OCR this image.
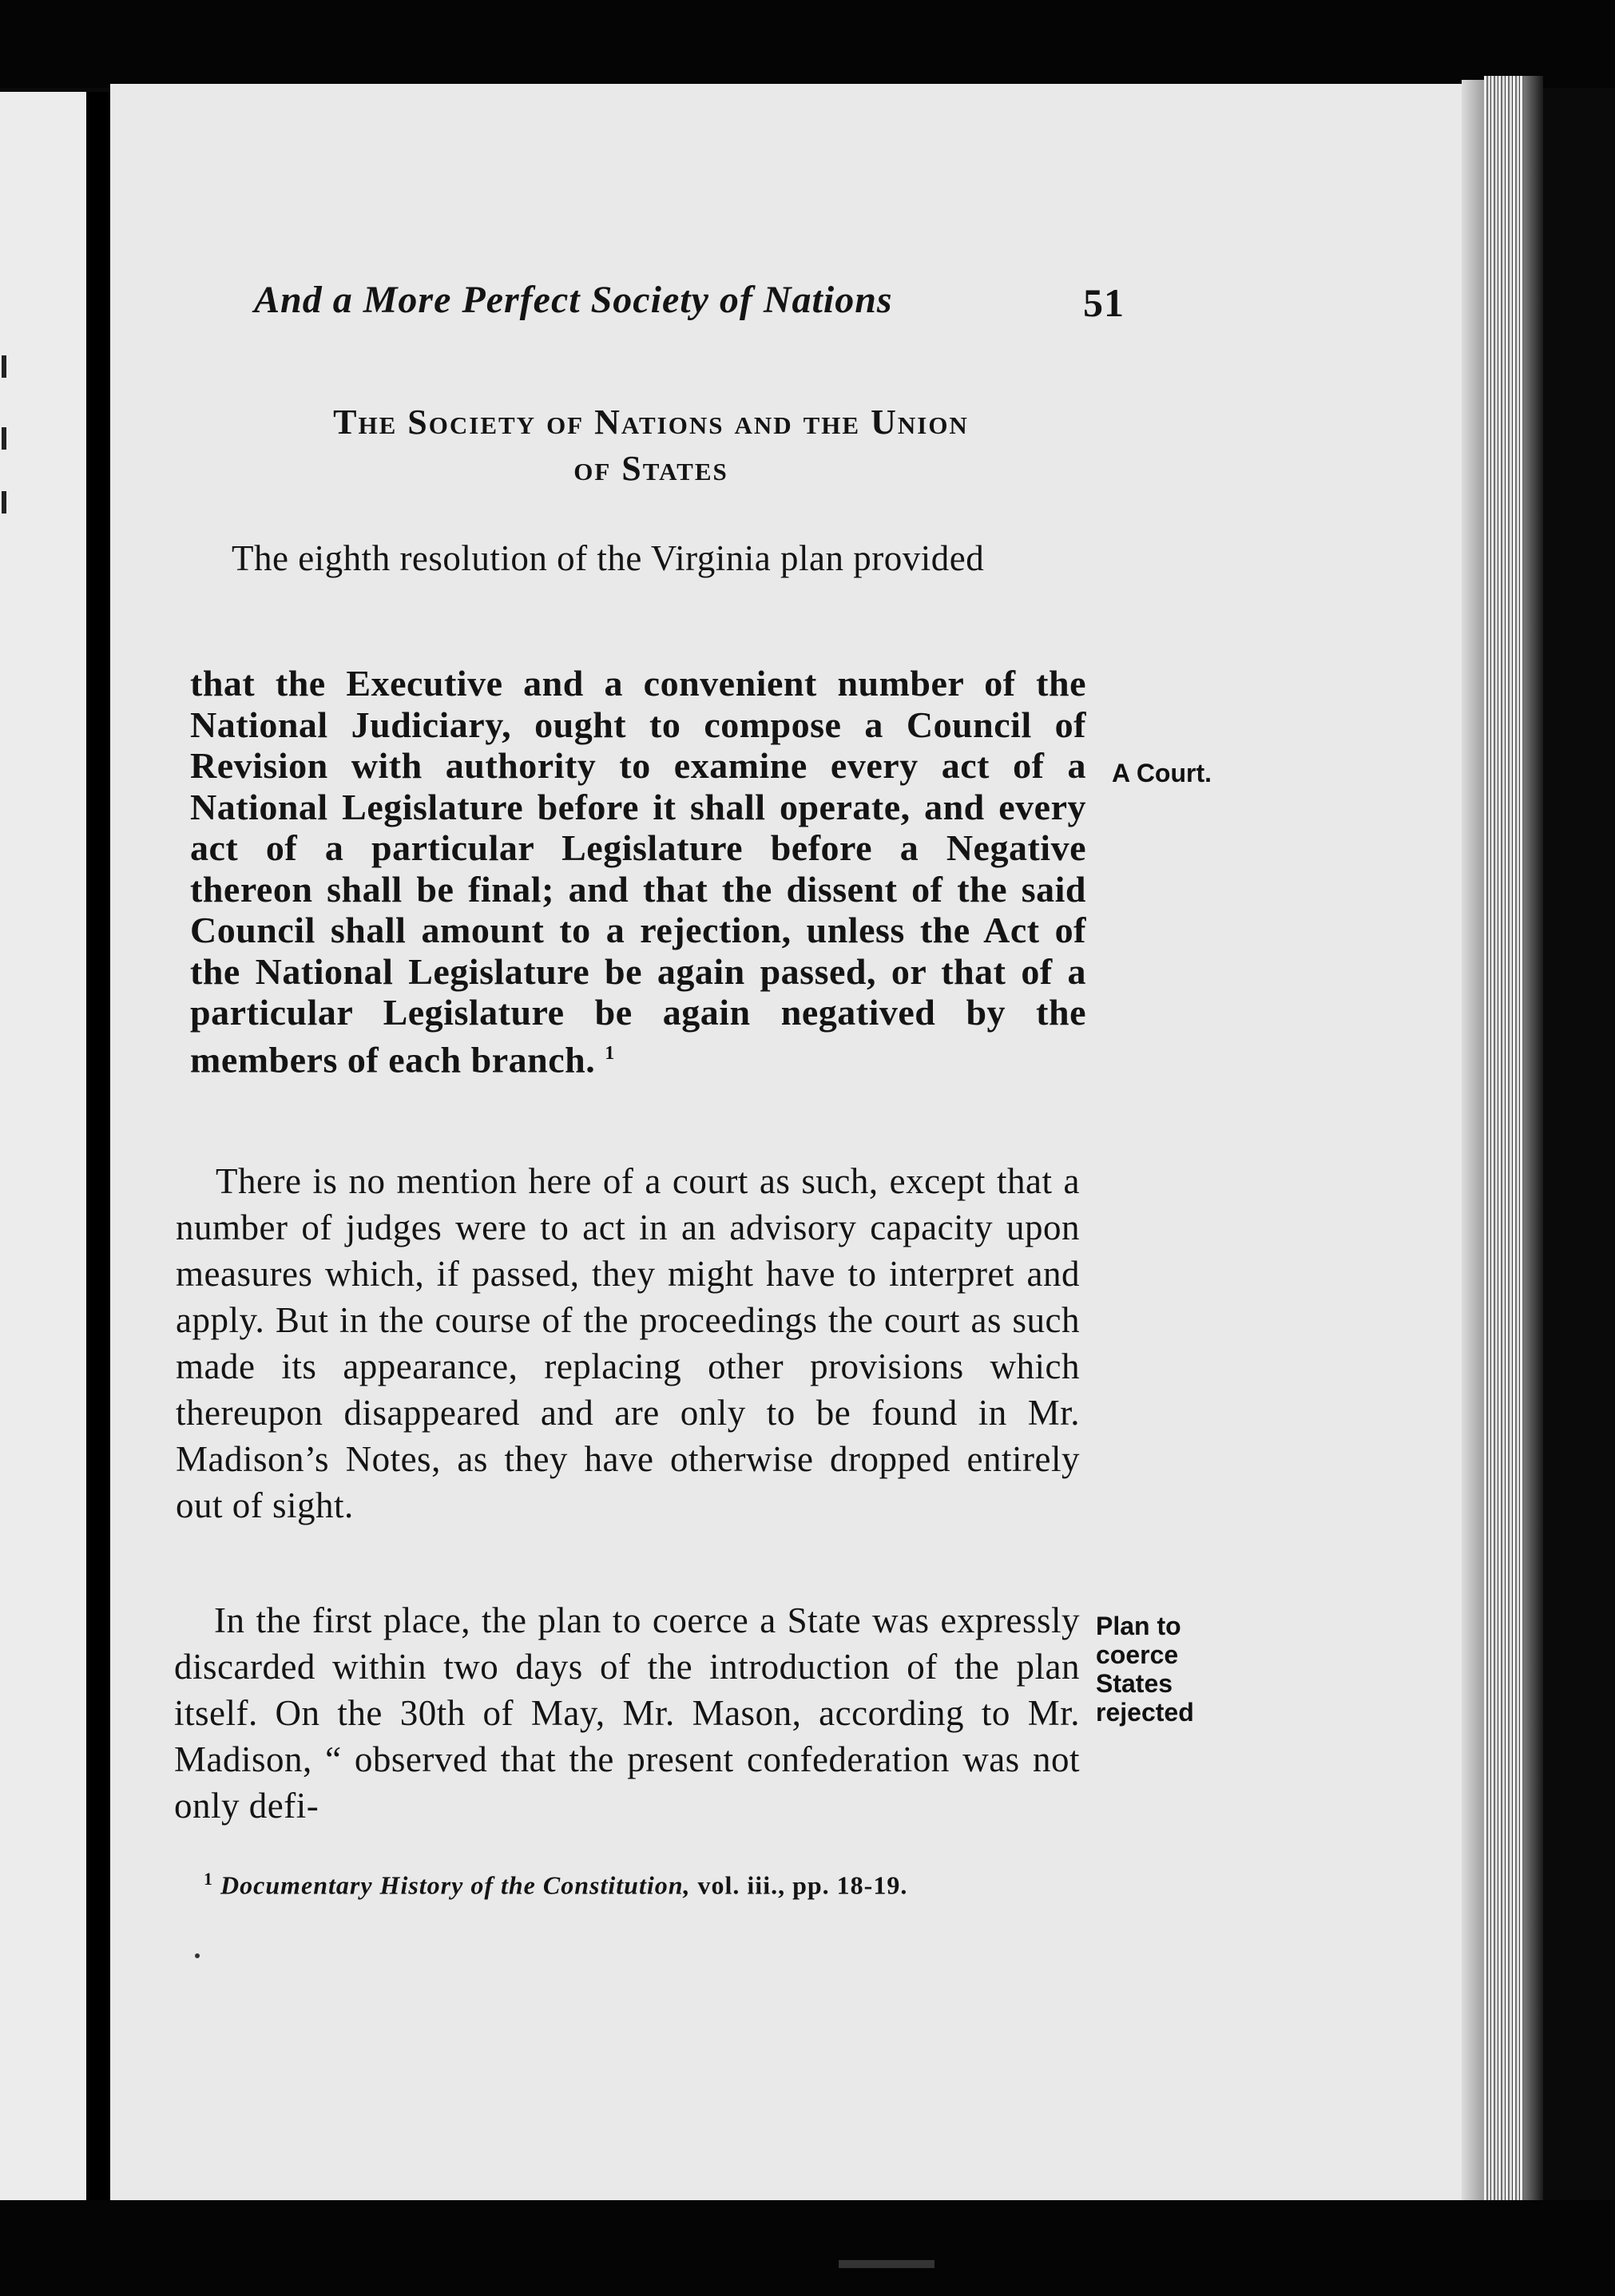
And a More Perfect Society of Nations	51
The Society of Nations and the Union
of States
The eighth resolution of the Virginia plan provided
that the Executive and a convenient number of the National Judiciary, ought to compose a Council of Revision with authority to examine every act of a National Legislature before it shall operate, and every act of a particular Legislature before a Negative thereon shall be final; and that the dissent of the said Council shall amount to a rejection, unless the Act of the National Legislature be again passed, or that of a particular Legislature be again negatived by the members of each branch. $^1$
There is no mention here of a court as such, except that a number of judges were to act in an advisory capacity upon measures which, if passed, they might have to interpret and apply. But in the course of the proceedings the court as such made its appearance, replacing other provisions which thereupon disappeared and are only to be found in Mr. Madison’s Notes, as they have otherwise dropped entirely out of sight.
In the first place, the plan to coerce a State was expressly discarded within two days of the introduction of the plan itself. On the 30th of May, Mr. Mason, according to Mr. Madison, “ observed that the present confederation was not only defi-
A Court.
Plan to
coerce
States
rejected
$^1$ Documentary History of the Constitution, vol. iii., pp. 18-19.
